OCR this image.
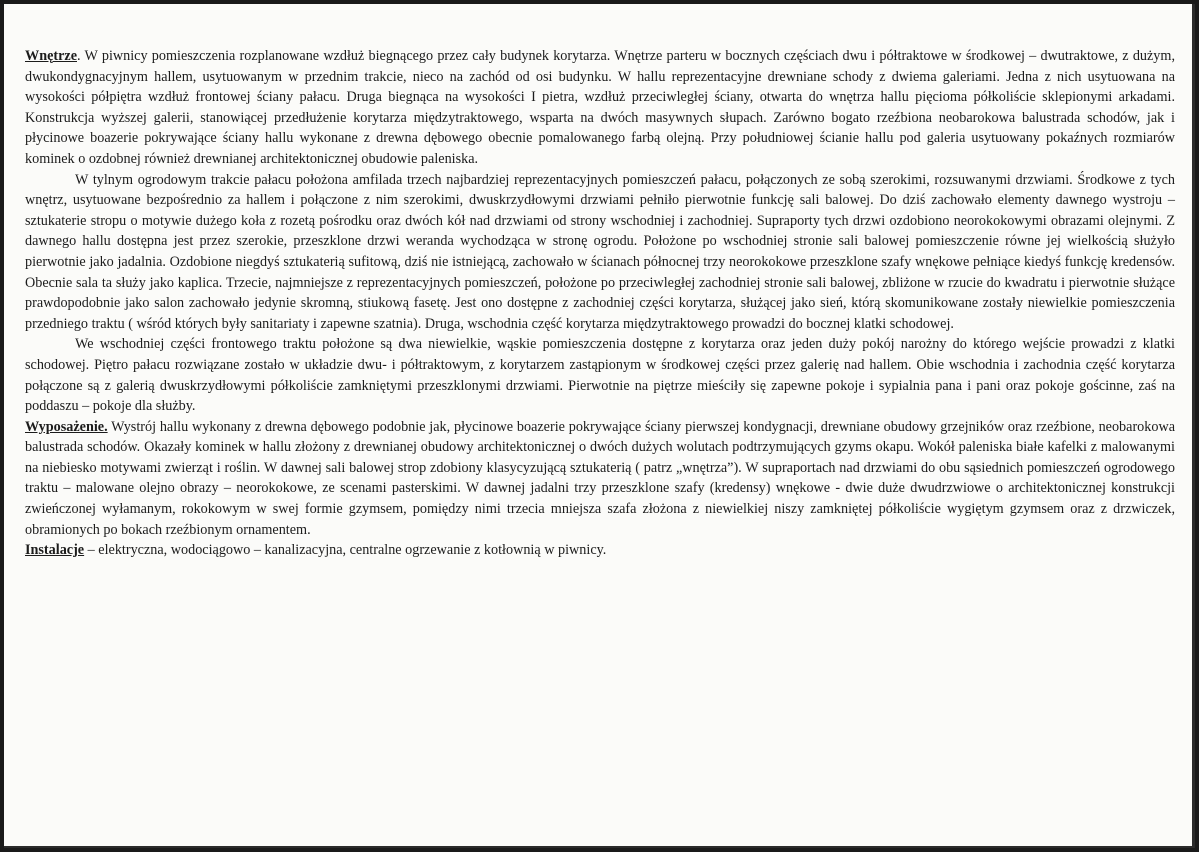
Wnętrze. W piwnicy pomieszczenia rozplanowane wzdłuż biegnącego przez cały budynek korytarza. Wnętrze parteru w bocznych częściach dwu i półtraktowe w środkowej – dwutraktowe, z dużym, dwukondygnacyjnym hallem, usytuowanym w przednim trakcie, nieco na zachód od osi budynku. W hallu reprezentacyjne drewniane schody z dwiema galeriami. Jedna z nich usytuowana na wysokości półpiętra wzdłuż frontowej ściany pałacu. Druga biegnąca na wysokości I pietra, wzdłuż przeciwległej ściany, otwarta do wnętrza hallu pięcioma półkoliście sklepionymi arkadami. Konstrukcja wyższej galerii, stanowiącej przedłużenie korytarza międzytraktowego, wsparta na dwóch masywnych słupach. Zarówno bogato rzeźbiona neobarokowa balustrada schodów, jak i płycinowe boazerie pokrywające ściany hallu wykonane z drewna dębowego obecnie pomalowanego farbą olejną. Przy południowej ścianie hallu pod galeria usytuowany pokaźnych rozmiarów kominek o ozdobnej również drewnianej architektonicznej obudowie paleniska.

W tylnym ogrodowym trakcie pałacu położona amfilada trzech najbardziej reprezentacyjnych pomieszczeń pałacu, połączonych ze sobą szerokimi, rozsuwanymi drzwiami. Środkowe z tych wnętrz, usytuowane bezpośrednio za hallem i połączone z nim szerokimi, dwuskrzydłowymi drzwiami pełniło pierwotnie funkcję sali balowej. Do dziś zachowało elementy dawnego wystroju – sztukaterie stropu o motywie dużego koła z rozetą pośrodku oraz dwóch kół nad drzwiami od strony wschodniej i zachodniej. Supraporty tych drzwi ozdobiono neorokokowymi obrazami olejnymi. Z dawnego hallu dostępna jest przez szerokie, przeszklone drzwi weranda wychodząca w stronę ogrodu. Położone po wschodniej stronie sali balowej pomieszczenie równe jej wielkością służyło pierwotnie jako jadalnia. Ozdobione niegdyś sztukaterią sufitową, dziś nie istniejącą, zachowało w ścianach północnej trzy neorokokowe przeszklone szafy wnękowe pełniące kiedyś funkcję kredensów. Obecnie sala ta służy jako kaplica. Trzecie, najmniejsze z reprezentacyjnych pomieszczeń, położone po przeciwległej zachodniej stronie sali balowej, zbliżone w rzucie do kwadratu i pierwotnie służące prawdopodobnie jako salon zachowało jedynie skromną, stiukową fasetę. Jest ono dostępne z zachodniej części korytarza, służącej jako sień, którą skomunikowane zostały niewielkie pomieszczenia przedniego traktu ( wśród których były sanitariaty i zapewne szatnia). Druga, wschodnia część korytarza międzytraktowego prowadzi do bocznej klatki schodowej.

We wschodniej części frontowego traktu położone są dwa niewielkie, wąskie pomieszczenia dostępne z korytarza oraz jeden duży pokój narożny do którego wejście prowadzi z klatki schodowej. Piętro pałacu rozwiązane zostało w układzie dwu- i półtraktowym, z korytarzem zastąpionym w środkowej części przez galerię nad hallem. Obie wschodnia i zachodnia część korytarza połączone są z galerią dwuskrzydłowymi półkoliście zamkniętymi przeszklonymi drzwiami. Pierwotnie na piętrze mieściły się zapewne pokoje i sypialnia pana i pani oraz pokoje gościnne, zaś na poddaszu – pokoje dla służby.

Wyposażenie. Wystrój hallu wykonany z drewna dębowego podobnie jak, płycinowe boazerie pokrywające ściany pierwszej kondygnacji, drewniane obudowy grzejników oraz rzeźbione, neobarokowa balustrada schodów. Okazały kominek w hallu złożony z drewnianej obudowy architektonicznej o dwóch dużych wolutach podtrzymujących gzyms okapu. Wokół paleniska białe kafelki z malowanymi na niebiesko motywami zwierząt i roślin. W dawnej sali balowej strop zdobiony klasycyzującą sztukaterią ( patrz „wnętrza”). W supraportach nad drzwiami do obu sąsiednich pomieszczeń ogrodowego traktu – malowane olejno obrazy – neorokokowe, ze scenami pasterskimi. W dawnej jadalni trzy przeszklone szafy (kredensy) wnękowe - dwie duże dwudrzwiowe o architektonicznej konstrukcji zwieńczonej wyłamanym, rokokowym w swej formie gzymsem, pomiędzy nimi trzecia mniejsza szafa złożona z niewielkiej niszy zamkniętej półkoliście wygiętym gzymsem oraz z drzwiczek, obramionych po bokach rzeźbionym ornamentem.

Instalacje – elektryczna, wodociągowo – kanalizacyjna, centralne ogrzewanie z kotłownią w piwnicy.
